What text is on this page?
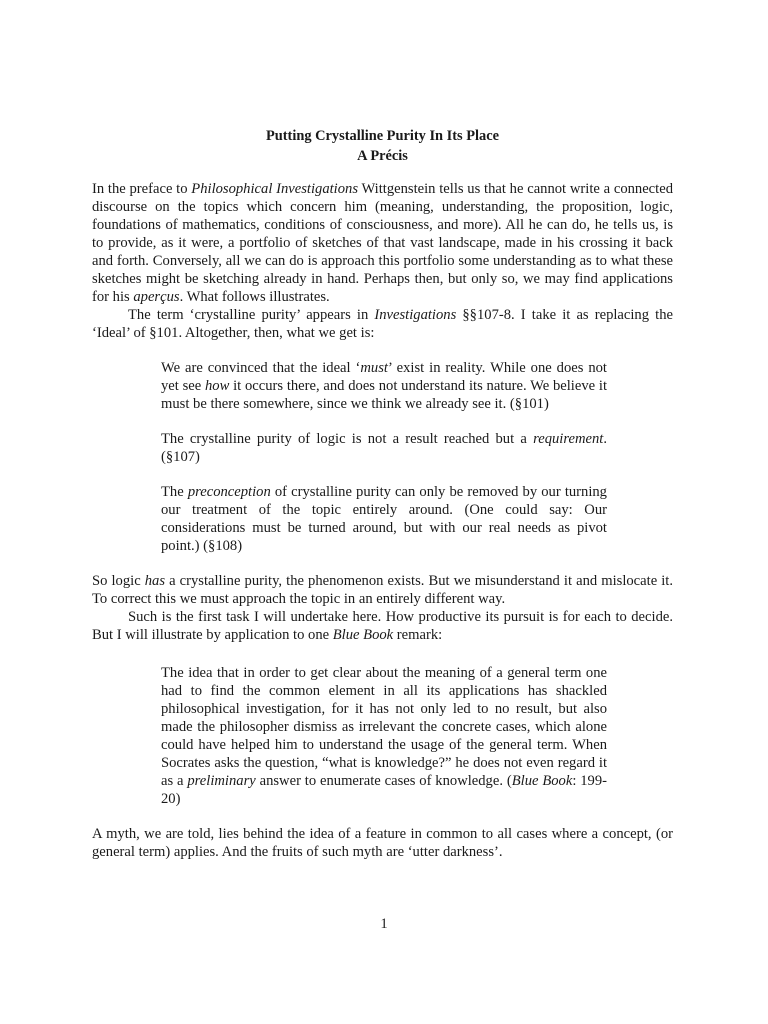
Putting Crystalline Purity In Its Place
A Précis

In the preface to Philosophical Investigations Wittgenstein tells us that he cannot write a connected discourse on the topics which concern him (meaning, understanding, the proposition, logic, foundations of mathematics, conditions of consciousness, and more). All he can do, he tells us, is to provide, as it were, a portfolio of sketches of that vast landscape, made in his crossing it back and forth. Conversely, all we can do is approach this portfolio some understanding as to what these sketches might be sketching already in hand. Perhaps then, but only so, we may find applications for his aperçus. What follows illustrates.

The term ‘crystalline purity’ appears in Investigations §§107-8. I take it as replacing the ‘Ideal’ of §101. Altogether, then, what we get is:

We are convinced that the ideal ‘must’ exist in reality. While one does not yet see how it occurs there, and does not understand its nature. We believe it must be there somewhere, since we think we already see it. (§101)
The crystalline purity of logic is not a result reached but a requirement. (§107)
The preconception of crystalline purity can only be removed by our turning our treatment of the topic entirely around. (One could say: Our considerations must be turned around, but with our real needs as pivot point.) (§108)

So logic has a crystalline purity, the phenomenon exists. But we misunderstand it and mislocate it. To correct this we must approach the topic in an entirely different way.

Such is the first task I will undertake here. How productive its pursuit is for each to decide. But I will illustrate by application to one Blue Book remark:

The idea that in order to get clear about the meaning of a general term one had to find the common element in all its applications has shackled philosophical investigation, for it has not only led to no result, but also made the philosopher dismiss as irrelevant the concrete cases, which alone could have helped him to understand the usage of the general term. When Socrates asks the question, “what is knowledge?” he does not even regard it as a preliminary answer to enumerate cases of knowledge. (Blue Book: 199-20)

A myth, we are told, lies behind the idea of a feature in common to all cases where a concept, (or general term) applies. And the fruits of such myth are ‘utter darkness’.

1
